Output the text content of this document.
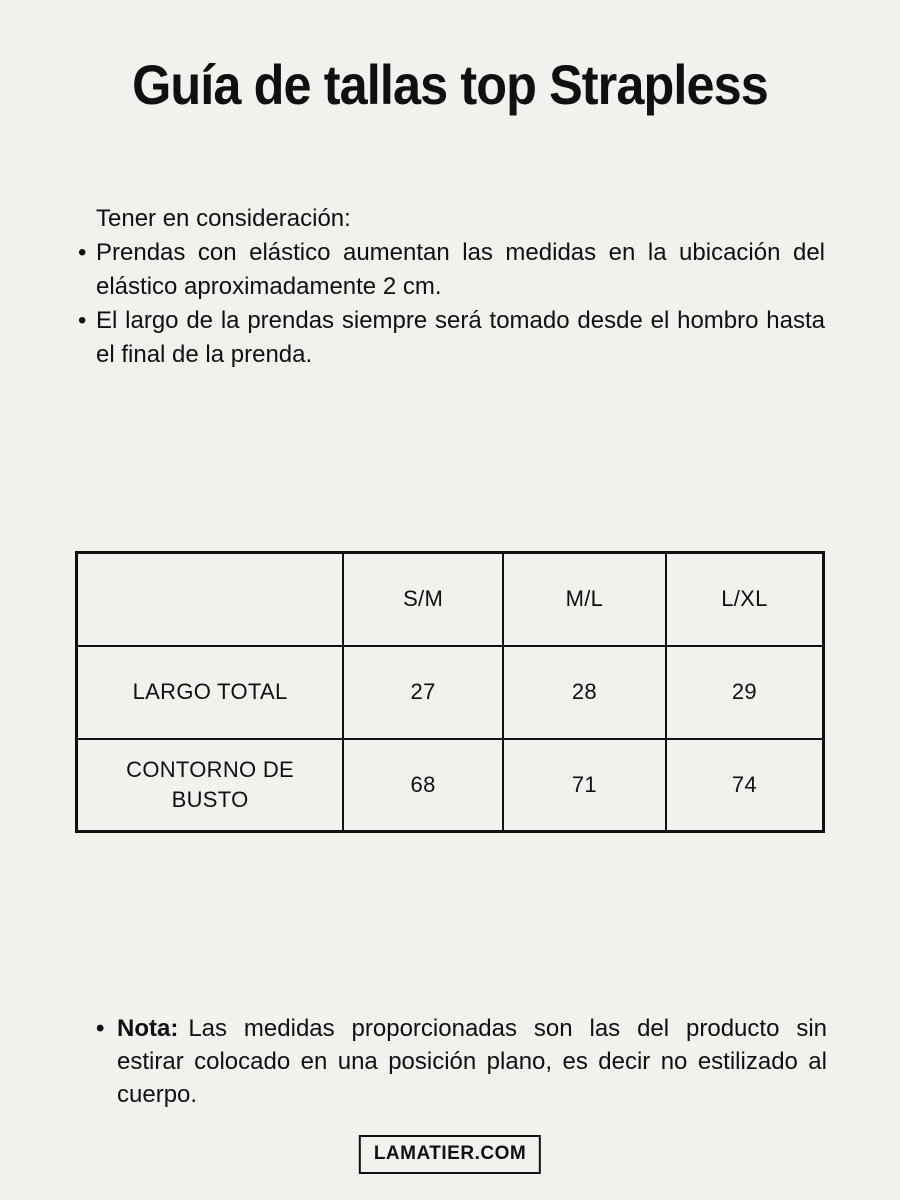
Guía de tallas top Strapless

Tener en consideración:

• Prendas con elástico aumentan las medidas en la ubicación del elástico aproximadamente 2 cm.
• El largo de la prendas siempre será tomado desde el hombro hasta el final de la prenda.
	S/M	M/L	L/XL
LARGO TOTAL	27	28	29
CONTORNO DE BUSTO	68	71	74

• Nota: Las medidas proporcionadas son las del producto sin estirar colocado en una posición plano, es decir no estilizado al cuerpo.

LAMATIER.COM
